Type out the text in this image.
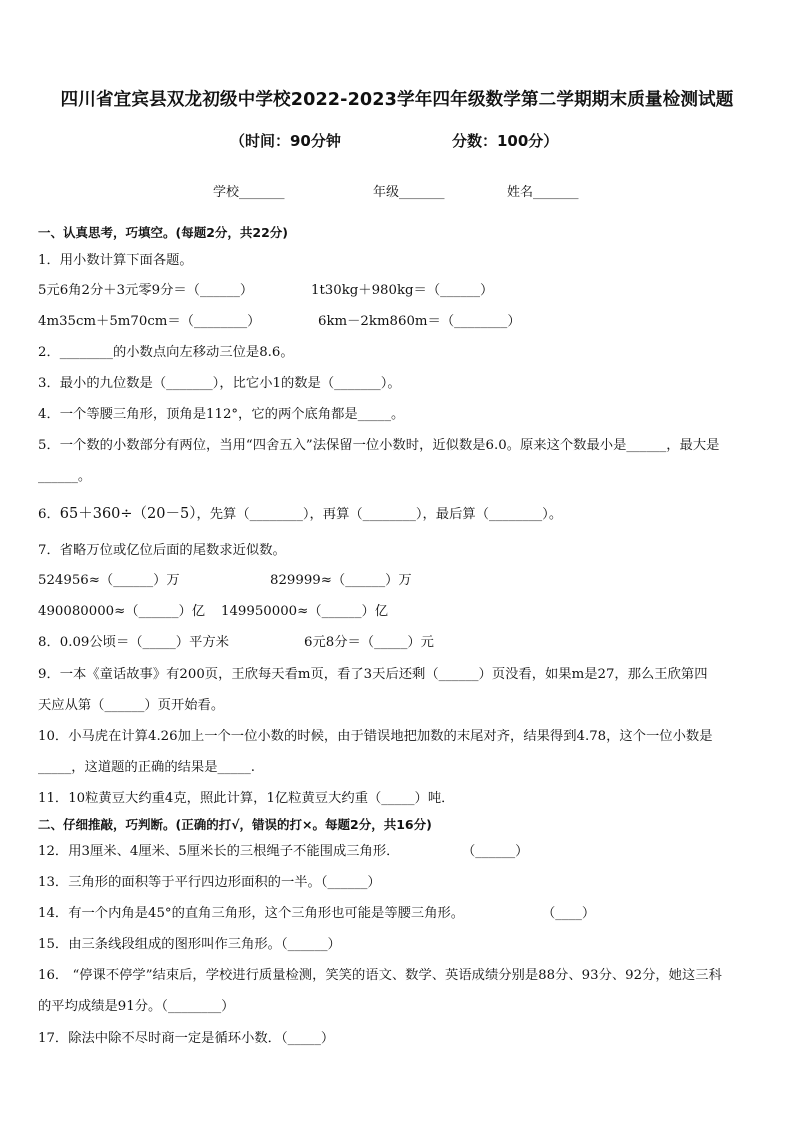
四川省宜宾县双龙初级中学校2022-2023学年四年级数学第二学期期末质量检测试题
（时间：90分钟	分数：100分）
学校_______	年级_______	姓名_______
一、认真思考，巧填空。(每题2分，共22分)
1．用小数计算下面各题。
5元6角2分＋3元零9分＝（______）	1t30kg＋980kg＝（______）
4m35cm＋5m70cm＝（________）	6km－2km860m＝（________）
2．________的小数点向左移动三位是8.6。
3．最小的九位数是（_______），比它小1的数是（_______）。
4．一个等腰三角形，顶角是112°，它的两个底角都是_____。
5．一个数的小数部分有两位，当用“四舍五入”法保留一位小数时，近似数是6.0。原来这个数最小是______，最大是
______。
6．65＋360÷（20－5），先算（________），再算（________），最后算（________）。
7．省略万位或亿位后面的尾数求近似数。
524956≈（______）万	829999≈（______）万
490080000≈（______）亿 149950000≈（______）亿
8．0.09公顷＝（_____）平方米	6元8分＝（_____）元
9．一本《童话故事》有200页，王欣每天看m页，看了3天后还剩（______）页没看，如果m是27，那么王欣第四
天应从第（______）页开始看。
10．小马虎在计算4.26加上一个一位小数的时候，由于错误地把加数的末尾对齐，结果得到4.78，这个一位小数是
_____，这道题的正确的结果是_____.
11．10粒黄豆大约重4克，照此计算，1亿粒黄豆大约重（_____）吨．
二、仔细推敲，巧判断。(正确的打√，错误的打×。每题2分，共16分)
12．用3厘米、4厘米、5厘米长的三根绳子不能围成三角形．	（______）
13．三角形的面积等于平行四边形面积的一半。（______）
14．有一个内角是45°的直角三角形，这个三角形也可能是等腰三角形。	（____）
15．由三条线段组成的图形叫作三角形。（______）
16． “停课不停学”结束后，学校进行质量检测，笑笑的语文、数学、英语成绩分别是88分、93分、92分，她这三科
的平均成绩是91分。（________）
17．除法中除不尽时商一定是循环小数．（_____）
